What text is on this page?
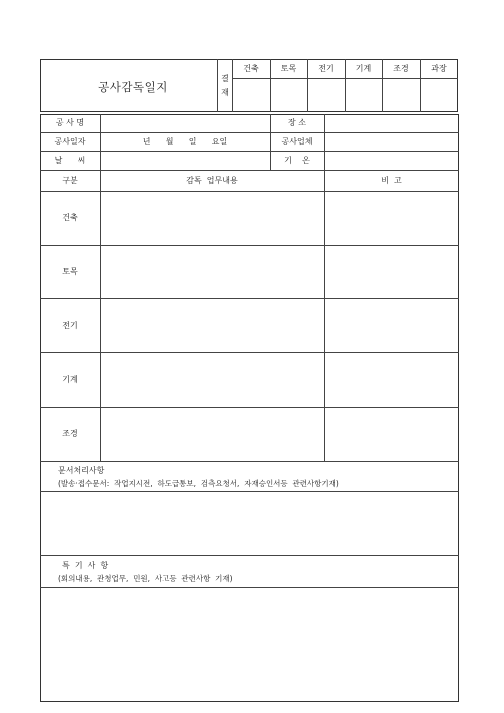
공사감독일지
결
재
건축	토목	전기	기계	조경	과장
공 사 명	장 소
공사일자	년      월      일      요일	공사업체
날      씨	기    온
구분	감독  업무내용	비  고
건축
토목
전기
기계
조경
문서처리사항
(발송·접수문서:  작업지시전,  하도급통보,  검측요청서,  자재승인서등  관련사항기재)
특  기  사  항
(회의내용,  관청업무,  민원,  사고등  관련사항  기재)
